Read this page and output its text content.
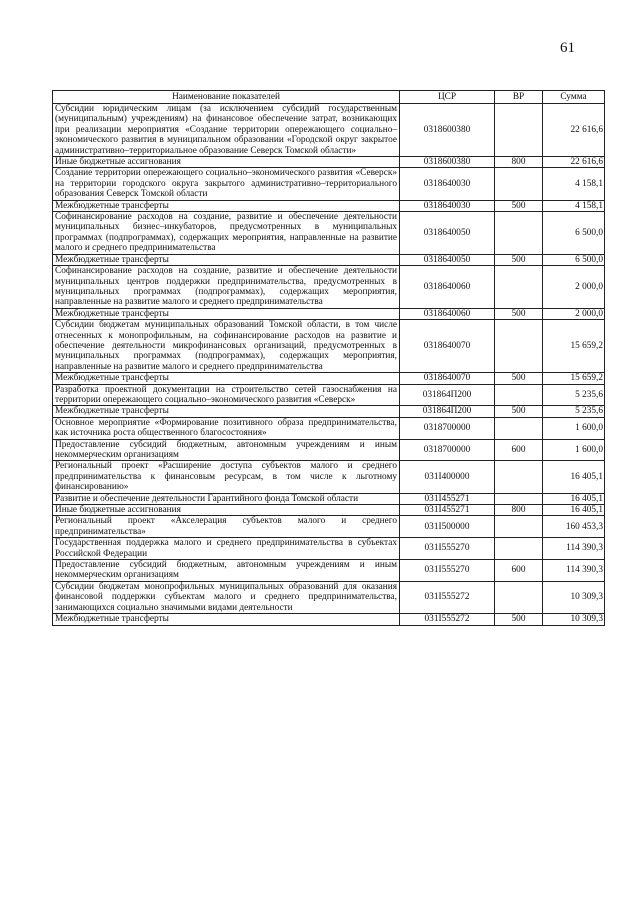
61
Наименование показателей	ЦСР	ВР	Сумма
Субсидии юридическим лицам (за исключением субсидий государственным (муниципальным) учреждениям) на финансовое обеспечение затрат, возникающих при реализации мероприятия «Создание территории опережающего социально–экономического развития в муниципальном образовании «Городской округ закрытое административно–территориальное образование Северск Томской области»	0318600380		22 616,6
Иные бюджетные ассигнования	0318600380	800	22 616,6
Создание территории опережающего социально–экономического развития «Северск» на территории городского округа закрытого административно–территориального образования Северск Томской области	0318640030		4 158,1
Межбюджетные трансферты	0318640030	500	4 158,1
Софинансирование расходов на создание, развитие и обеспечение деятельности муниципальных бизнес–инкубаторов, предусмотренных в муниципальных программах (подпрограммах), содержащих мероприятия, направленные на развитие малого и среднего предпринимательства	0318640050		6 500,0
Межбюджетные трансферты	0318640050	500	6 500,0
Софинансирование расходов на создание, развитие и обеспечение деятельности муниципальных центров поддержки предпринимательства, предусмотренных в муниципальных программах (подпрограммах), содержащих мероприятия, направленные на развитие малого и среднего предпринимательства	0318640060		2 000,0
Межбюджетные трансферты	0318640060	500	2 000,0
Субсидии бюджетам муниципальных образований Томской области, в том числе отнесенных к монопрофильным, на софинансирование расходов на развитие и обеспечение деятельности микрофинансовых организаций, предусмотренных в муниципальных программах (подпрограммах), содержащих мероприятия, направленные на развитие малого и среднего предпринимательства	0318640070		15 659,2
Межбюджетные трансферты	0318640070	500	15 659,2
Разработка проектной документации на строительство сетей газоснабжения на территории опережающего социально–экономического развития «Северск»	031864П200		5 235,6
Межбюджетные трансферты	031864П200	500	5 235,6
Основное мероприятие «Формирование позитивного образа предпринимательства, как источника роста общественного благосостояния»	0318700000		1 600,0
Предоставление субсидий бюджетным, автономным учреждениям и иным некоммерческим организациям	0318700000	600	1 600,0
Региональный проект «Расширение доступа субъектов малого и среднего предпринимательства к финансовым ресурсам, в том числе к льготному финансированию»	031I400000		16 405,1
Развитие и обеспечение деятельности Гарантийного фонда Томской области	031I455271		16 405,1
Иные бюджетные ассигнования	031I455271	800	16 405,1
Региональный проект «Акселерация субъектов малого и среднего предпринимательства»	031I500000		160 453,3
Государственная поддержка малого и среднего предпринимательства в субъектах Российской Федерации	031I555270		114 390,3
Предоставление субсидий бюджетным, автономным учреждениям и иным некоммерческим организациям	031I555270	600	114 390,3
Субсидии бюджетам монопрофильных муниципальных образований для оказания финансовой поддержки субъектам малого и среднего предпринимательства, занимающихся социально значимыми видами деятельности	031I555272		10 309,3
Межбюджетные трансферты	031I555272	500	10 309,3
